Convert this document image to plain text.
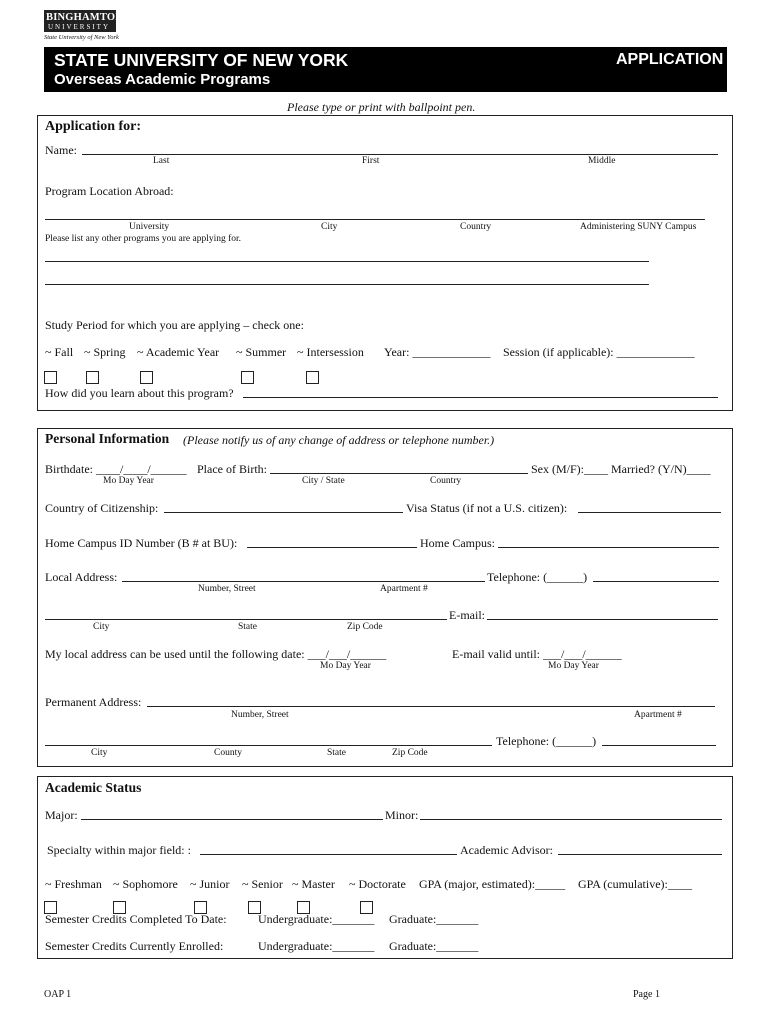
BINGHAMTON
UNIVERSITY
State University of New York
STATE UNIVERSITY OF NEW YORK
Overseas Academic Programs
APPLICATION
Please type or print with ballpoint pen.
Application for:
Name:
Last	First	Middle
Program Location Abroad:
University	City	Country	Administering SUNY Campus
Please list any other programs you are applying for.
Study Period for which you are applying – check one:
~ Fall ~ Spring ~ Academic Year ~ Summer ~ Intersession Year: _____________ Session (if applicable): _____________
How did you learn about this program?
Personal Information (Please notify us of any change of address or telephone number.)
Birthdate: ____/____/______ Place of Birth:	Sex (M/F):____ Married? (Y/N)____
Mo Day Year	City / State	Country
Country of Citizenship:	Visa Status (if not a U.S. citizen):
Home Campus ID Number (B # at BU):	Home Campus:
Local Address:	Telephone: (______)
Number, Street	Apartment #
E-mail:
City	State	Zip Code
My local address can be used until the following date: ___/___/______	E-mail valid until: ___/___/______
Mo Day Year	Mo Day Year
Permanent Address:
Number, Street	Apartment #
Telephone: (______)
City	County	State	Zip Code
Academic Status
Major:	Minor:
Specialty within major field: :	Academic Advisor:
~ Freshman ~ Sophomore ~ Junior ~ Senior ~ Master ~ Doctorate GPA (major, estimated):_____ GPA (cumulative):____
Semester Credits Completed To Date:	Undergraduate:_______ Graduate:_______
Semester Credits Currently Enrolled:	Undergraduate:_______ Graduate:_______
OAP 1	Page 1
